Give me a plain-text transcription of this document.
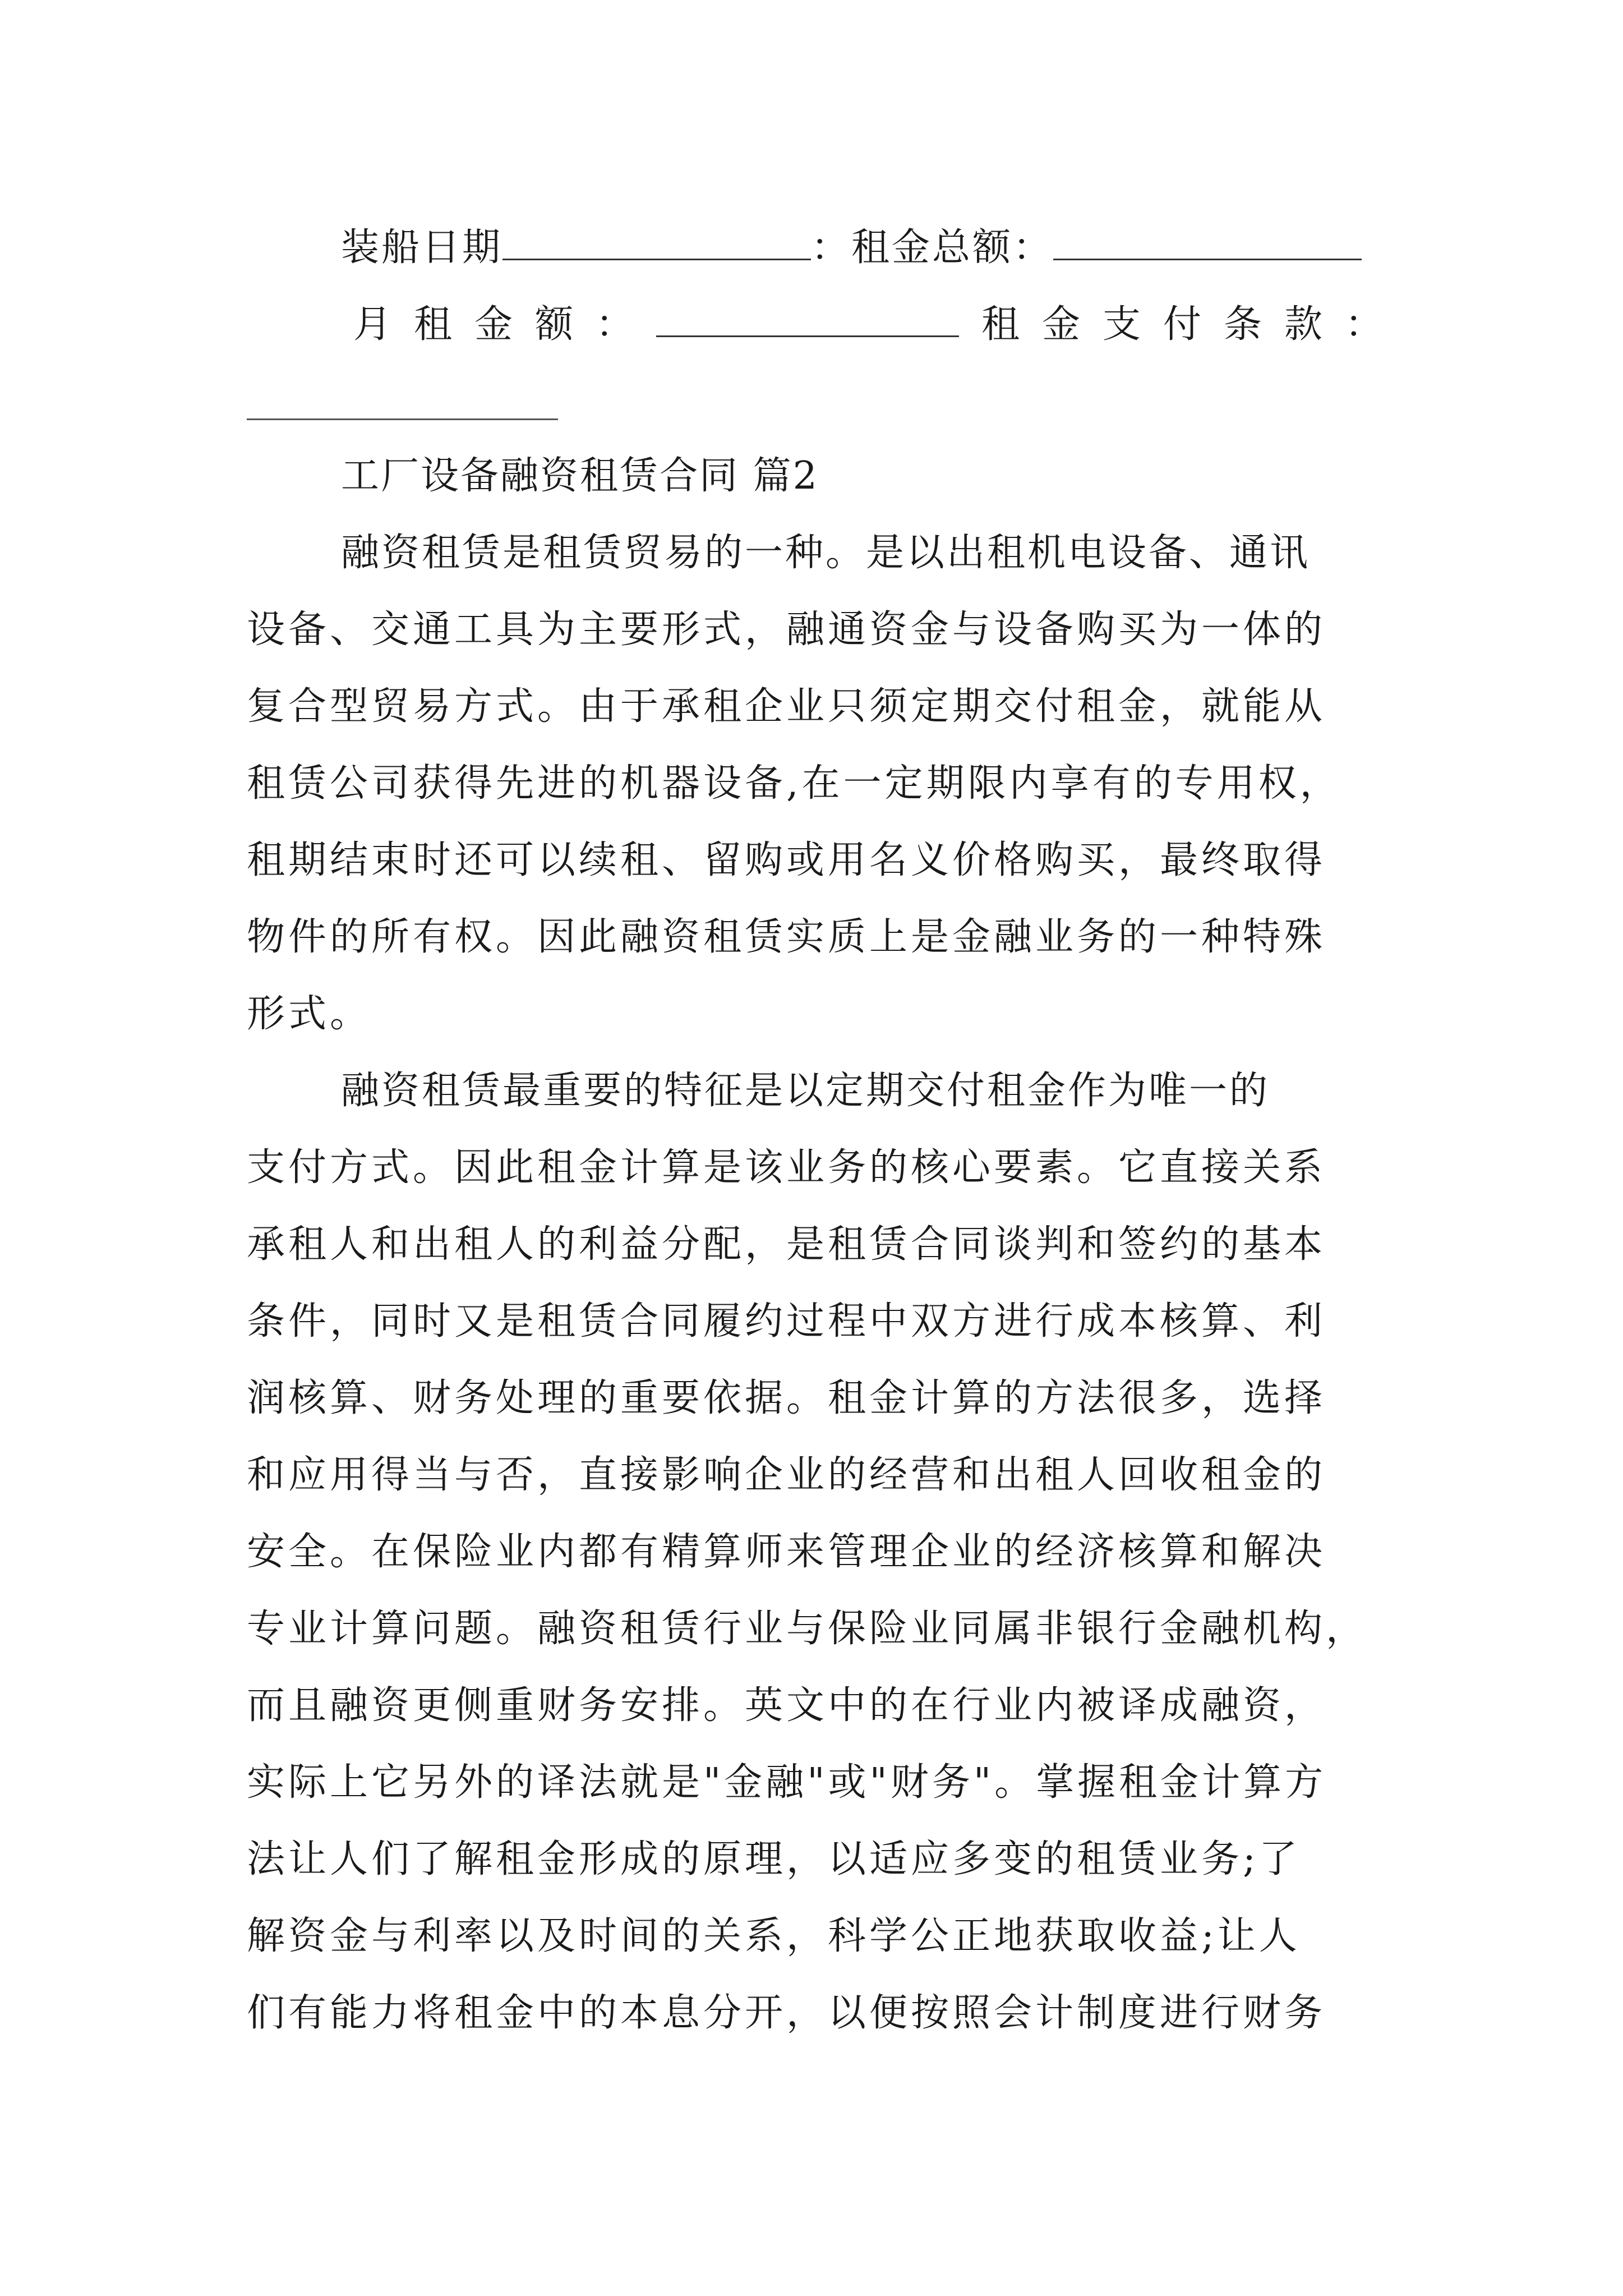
装船日期	：租金总额：
月租金额：	租金支付条款：
工厂设备融资租赁合同 篇2
融资租赁是租赁贸易的一种。是以出租机电设备、通讯
设备、交通工具为主要形式，融通资金与设备购买为一体的
复合型贸易方式。由于承租企业只须定期交付租金，就能从
租赁公司获得先进的机器设备,在一定期限内享有的专用权，
租期结束时还可以续租、留购或用名义价格购买，最终取得
物件的所有权。因此融资租赁实质上是金融业务的一种特殊
形式。
融资租赁最重要的特征是以定期交付租金作为唯一的
支付方式。因此租金计算是该业务的核心要素。它直接关系
承租人和出租人的利益分配，是租赁合同谈判和签约的基本
条件，同时又是租赁合同履约过程中双方进行成本核算、利
润核算、财务处理的重要依据。租金计算的方法很多，选择
和应用得当与否，直接影响企业的经营和出租人回收租金的
安全。在保险业内都有精算师来管理企业的经济核算和解决
专业计算问题。融资租赁行业与保险业同属非银行金融机构，
而且融资更侧重财务安排。英文中的在行业内被译成融资，
实际上它另外的译法就是"金融"或"财务"。掌握租金计算方
法让人们了解租金形成的原理，以适应多变的租赁业务;了
解资金与利率以及时间的关系，科学公正地获取收益;让人
们有能力将租金中的本息分开，以便按照会计制度进行财务
